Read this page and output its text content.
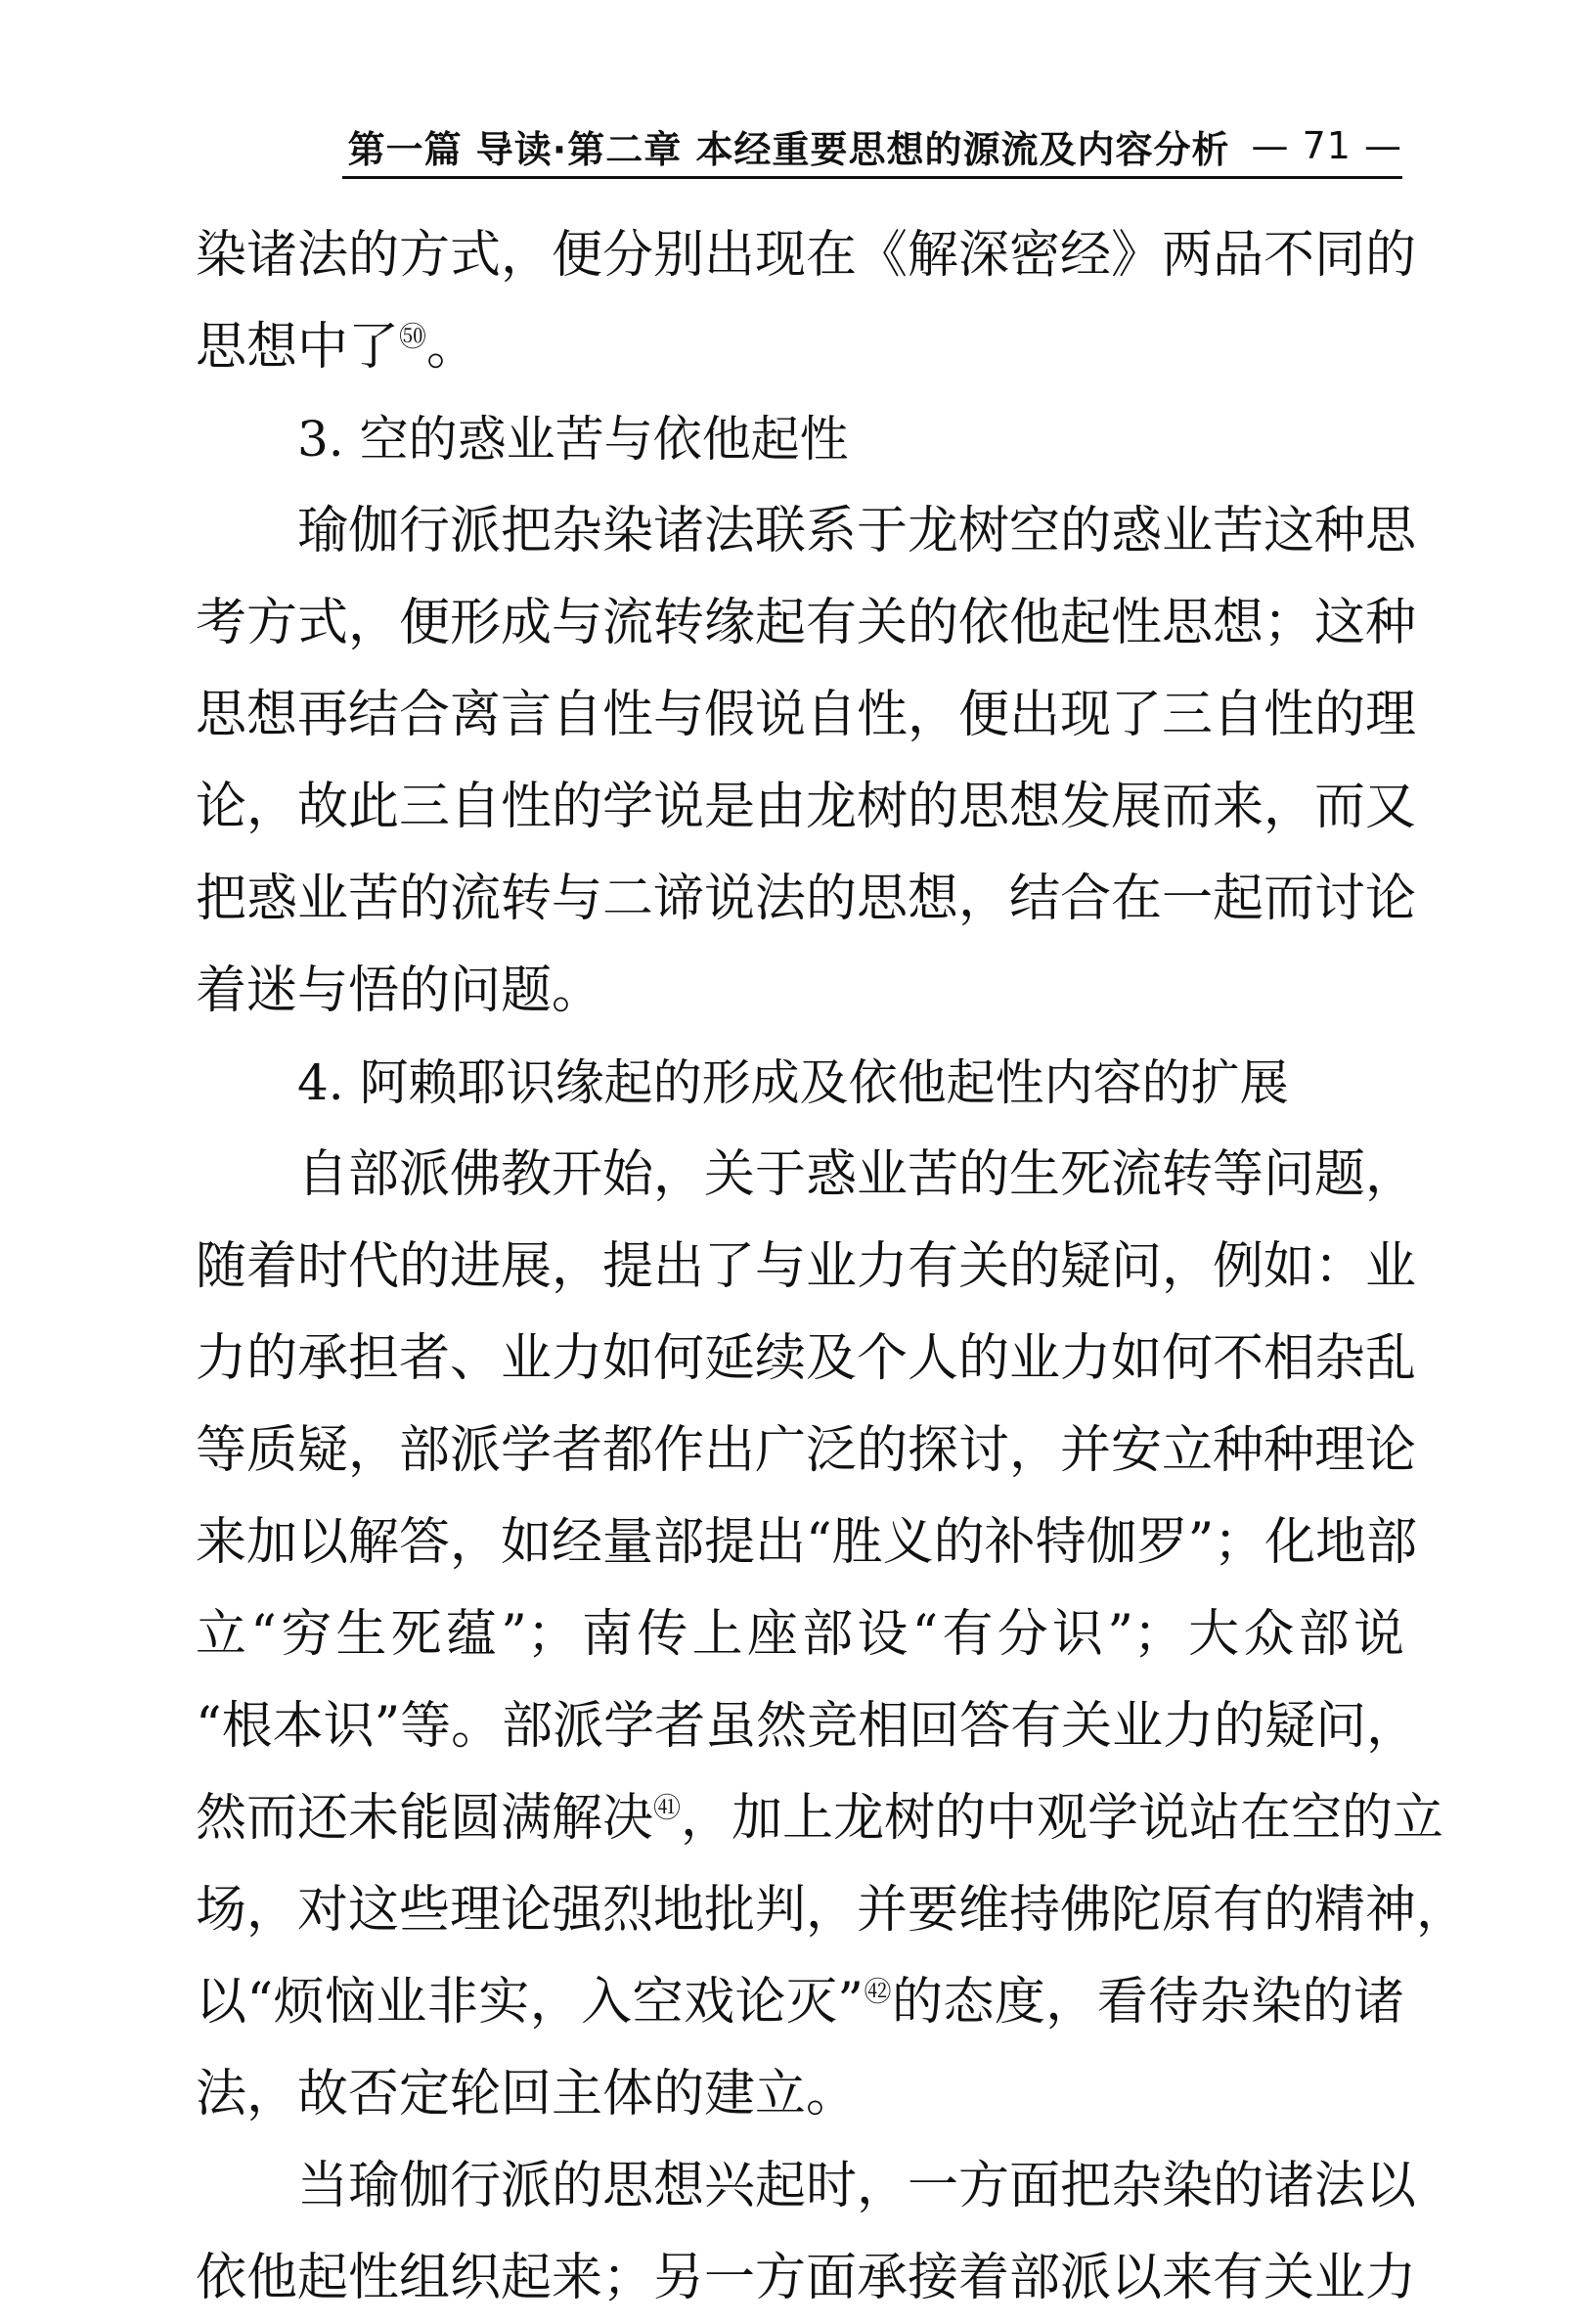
第一篇 导读·第二章 本经重要思想的源流及内容分析 — 71 —
染诸法的方式，便分别出现在《解深密经》两品不同的
思想中了$^㊿$。
3. 空的惑业苦与依他起性
瑜伽行派把杂染诸法联系于龙树空的惑业苦这种思
考方式，便形成与流转缘起有关的依他起性思想；这种
思想再结合离言自性与假说自性，便出现了三自性的理
论，故此三自性的学说是由龙树的思想发展而来，而又
把惑业苦的流转与二谛说法的思想，结合在一起而讨论
着迷与悟的问题。
4. 阿赖耶识缘起的形成及依他起性内容的扩展
自部派佛教开始，关于惑业苦的生死流转等问题，
随着时代的进展，提出了与业力有关的疑问，例如：业
力的承担者、业力如何延续及个人的业力如何不相杂乱
等质疑，部派学者都作出广泛的探讨，并安立种种理论
来加以解答，如经量部提出“胜义的补特伽罗”；化地部
立“穷生死蕴”；南传上座部设“有分识”；大众部说
“根本识”等。部派学者虽然竞相回答有关业力的疑问，
然而还未能圆满解决$^㊶$，加上龙树的中观学说站在空的立
场，对这些理论强烈地批判，并要维持佛陀原有的精神，
以“烦恼业非实，入空戏论灭”$^㊷$的态度，看待杂染的诸
法，故否定轮回主体的建立。
当瑜伽行派的思想兴起时，一方面把杂染的诸法以
依他起性组织起来；另一方面承接着部派以来有关业力
